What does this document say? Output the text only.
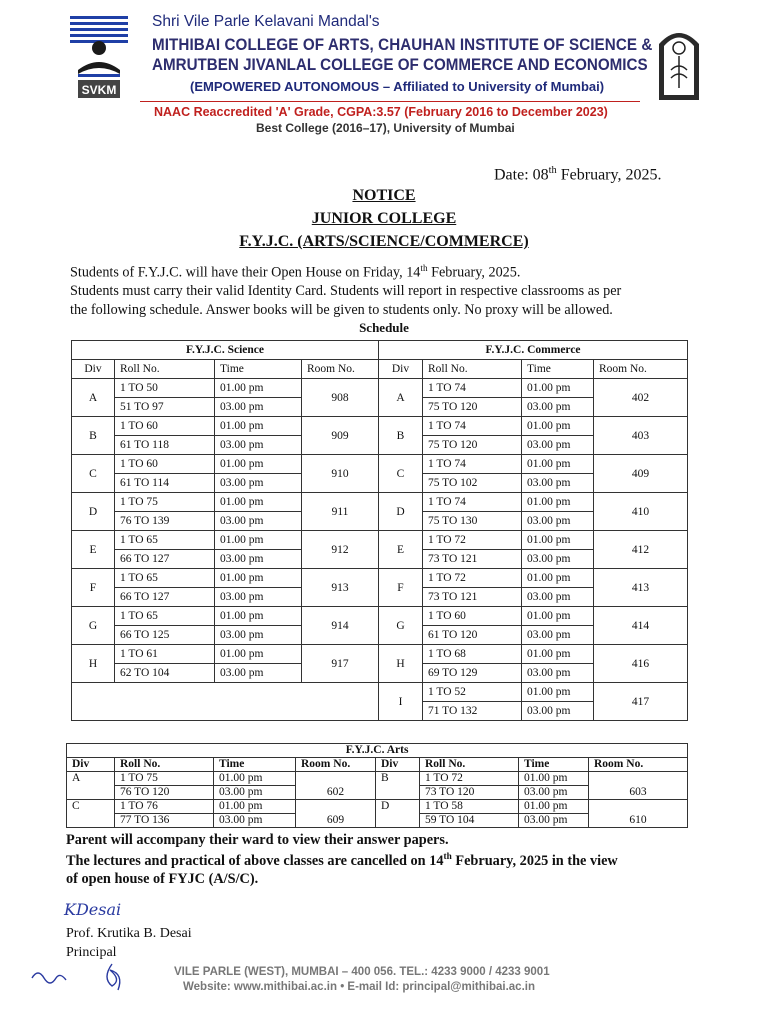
SVKM
Shri Vile Parle Kelavani Mandal's
MITHIBAI COLLEGE OF ARTS, CHAUHAN INSTITUTE OF SCIENCE &
AMRUTBEN JIVANLAL COLLEGE OF COMMERCE AND ECONOMICS
(EMPOWERED AUTONOMOUS – Affiliated to University of Mumbai)
NAAC Reaccredited 'A' Grade, CGPA:3.57 (February 2016 to December 2023)
Best College (2016–17), University of Mumbai
Date: 08th February, 2025.
NOTICE
JUNIOR COLLEGE
F.Y.J.C. (ARTS/SCIENCE/COMMERCE)
Students of F.Y.J.C. will have their Open House on Friday, 14th February, 2025.
Students must carry their valid Identity Card. Students will report in respective classrooms as per
the following schedule. Answer books will be given to students only. No proxy will be allowed.
Schedule
F.Y.J.C. Science				F.Y.J.C. Commerce			
Div	Roll No.	Time	Room No.	Div	Roll No.	Time	Room No.
A	1 TO 50	01.00 pm	908	A	1 TO 74	01.00 pm	402
	51 TO 97	03.00 pm			75 TO 120	03.00 pm	
B	1 TO 60	01.00 pm	909	B	1 TO 74	01.00 pm	403
	61 TO 118	03.00 pm			75 TO 120	03.00 pm	
C	1 TO 60	01.00 pm	910	C	1 TO 74	01.00 pm	409
	61 TO 114	03.00 pm			75 TO 102	03.00 pm	
D	1 TO 75	01.00 pm	911	D	1 TO 74	01.00 pm	410
	76 TO 139	03.00 pm			75 TO 130	03.00 pm	
E	1 TO 65	01.00 pm	912	E	1 TO 72	01.00 pm	412
	66 TO 127	03.00 pm			73 TO 121	03.00 pm	
F	1 TO 65	01.00 pm	913	F	1 TO 72	01.00 pm	413
	66 TO 127	03.00 pm			73 TO 121	03.00 pm	
G	1 TO 65	01.00 pm	914	G	1 TO 60	01.00 pm	414
	66 TO 125	03.00 pm			61 TO 120	03.00 pm	
H	1 TO 61	01.00 pm	917	H	1 TO 68	01.00 pm	416
	62 TO 104	03.00 pm			69 TO 129	03.00 pm	
				I	1 TO 52	01.00 pm	417
					71 TO 132	03.00 pm	
F.Y.J.C. Arts							
Div	Roll No.	Time	Room No.	Div	Roll No.	Time	Room No.
A	1 TO 75	01.00 pm	602	B	1 TO 72	01.00 pm	603
	76 TO 120	03.00 pm			73 TO 120	03.00 pm	
C	1 TO 76	01.00 pm	609	D	1 TO 58	01.00 pm	610
	77 TO 136	03.00 pm			59 TO 104	03.00 pm	
Parent will accompany their ward to view their answer papers.
The lectures and practical of above classes are cancelled on 14th February, 2025 in the view
of open house of FYJC (A/S/C).
KDesai
Prof. Krutika B. Desai
Principal
VILE PARLE (WEST), MUMBAI – 400 056. TEL.: 4233 9000 / 4233 9001
Website: www.mithibai.ac.in • E-mail Id: principal@mithibai.ac.in
